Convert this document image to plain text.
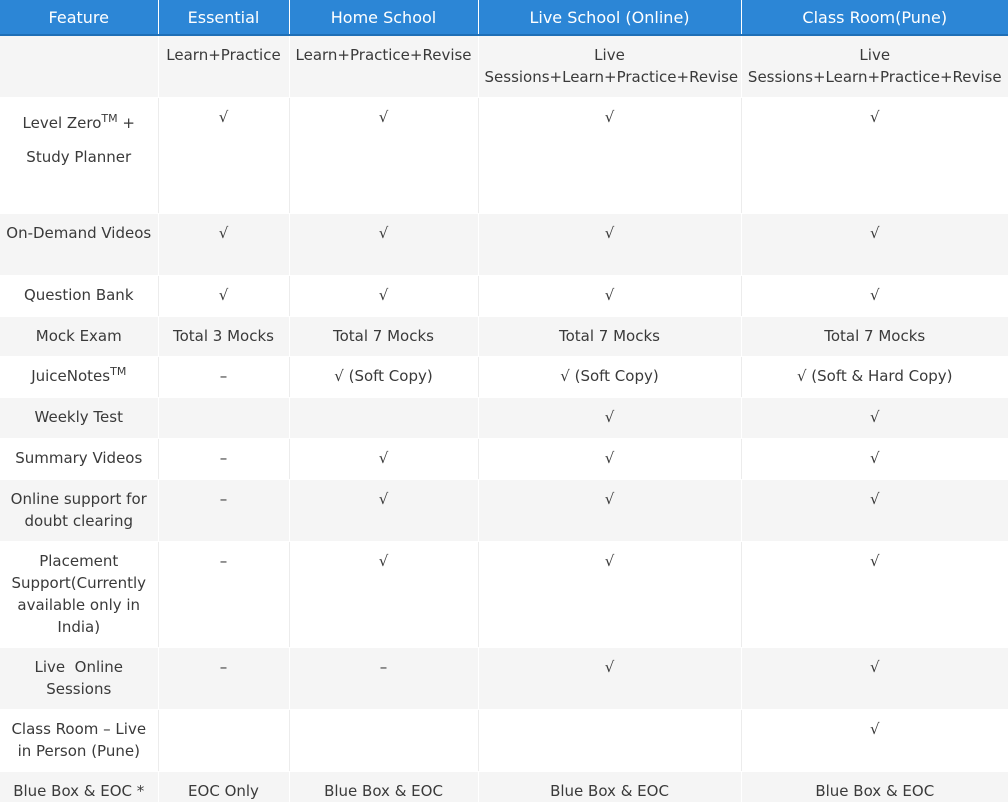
Feature	Essential	Home School	Live School (Online)	Class Room(Pune)
	Learn+Practice	Learn+Practice+Revise	Live Sessions+Learn+Practice+Revise	Live Sessions+Learn+Practice+Revise
Level Zero™ + Study Planner	√	√	√	√
On-Demand Videos	√	√	√	√
Question Bank	√	√	√	√
Mock Exam	Total 3 Mocks	Total 7 Mocks	Total 7 Mocks	Total 7 Mocks
JuiceNotes™	–	√ (Soft Copy)	√ (Soft Copy)	√ (Soft & Hard Copy)
Weekly Test			√	√
Summary Videos	–	√	√	√
Online support for doubt clearing	–	√	√	√
Placement Support(Currently available only in India)	–	√	√	√
Live  Online Sessions	–	–	√	√
Class Room – Live in Person (Pune)				√
Blue Box & EOC *	EOC Only	Blue Box & EOC	Blue Box & EOC	Blue Box & EOC
